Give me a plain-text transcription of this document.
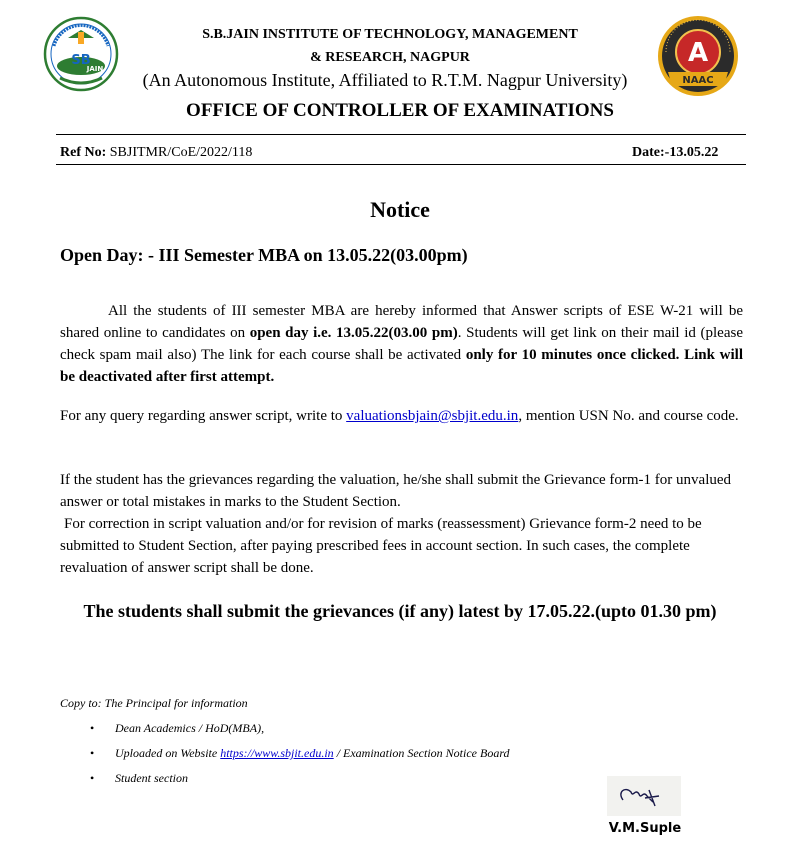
SB
JAIN
A
NAAC
S.B.JAIN INSTITUTE OF TECHNOLOGY, MANAGEMENT
& RESEARCH, NAGPUR
(An Autonomous Institute, Affiliated to R.T.M. Nagpur University)
OFFICE OF CONTROLLER OF EXAMINATIONS
Ref No: SBJITMR/CoE/2022/118	Date:-13.05.22
Notice
Open Day: - III Semester MBA on 13.05.22(03.00pm)
All the students of III semester MBA are hereby informed that Answer scripts of ESE W-21 will be shared online to candidates on open day i.e. 13.05.22(03.00 pm). Students will get link on their mail id (please check spam mail also) The link for each course shall be activated only for 10 minutes once clicked. Link will be deactivated after first attempt.
For any query regarding answer script, write to valuationsbjain@sbjit.edu.in, mention USN No. and course code.
If the student has the grievances regarding the valuation, he/she shall submit the Grievance form-1 for unvalued answer or total mistakes in marks to the Student Section.
For correction in script valuation and/or for revision of marks (reassessment) Grievance form-2 need to be submitted to Student Section, after paying prescribed fees in account section. In such cases, the complete revaluation of answer script shall be done.
The students shall submit the grievances (if any) latest by 17.05.22.(upto 01.30 pm)
Copy to: The Principal for information
• Dean Academics / HoD(MBA),
• Uploaded on Website https://www.sbjit.edu.in / Examination Section Notice Board
• Student section
V.M.Suple
